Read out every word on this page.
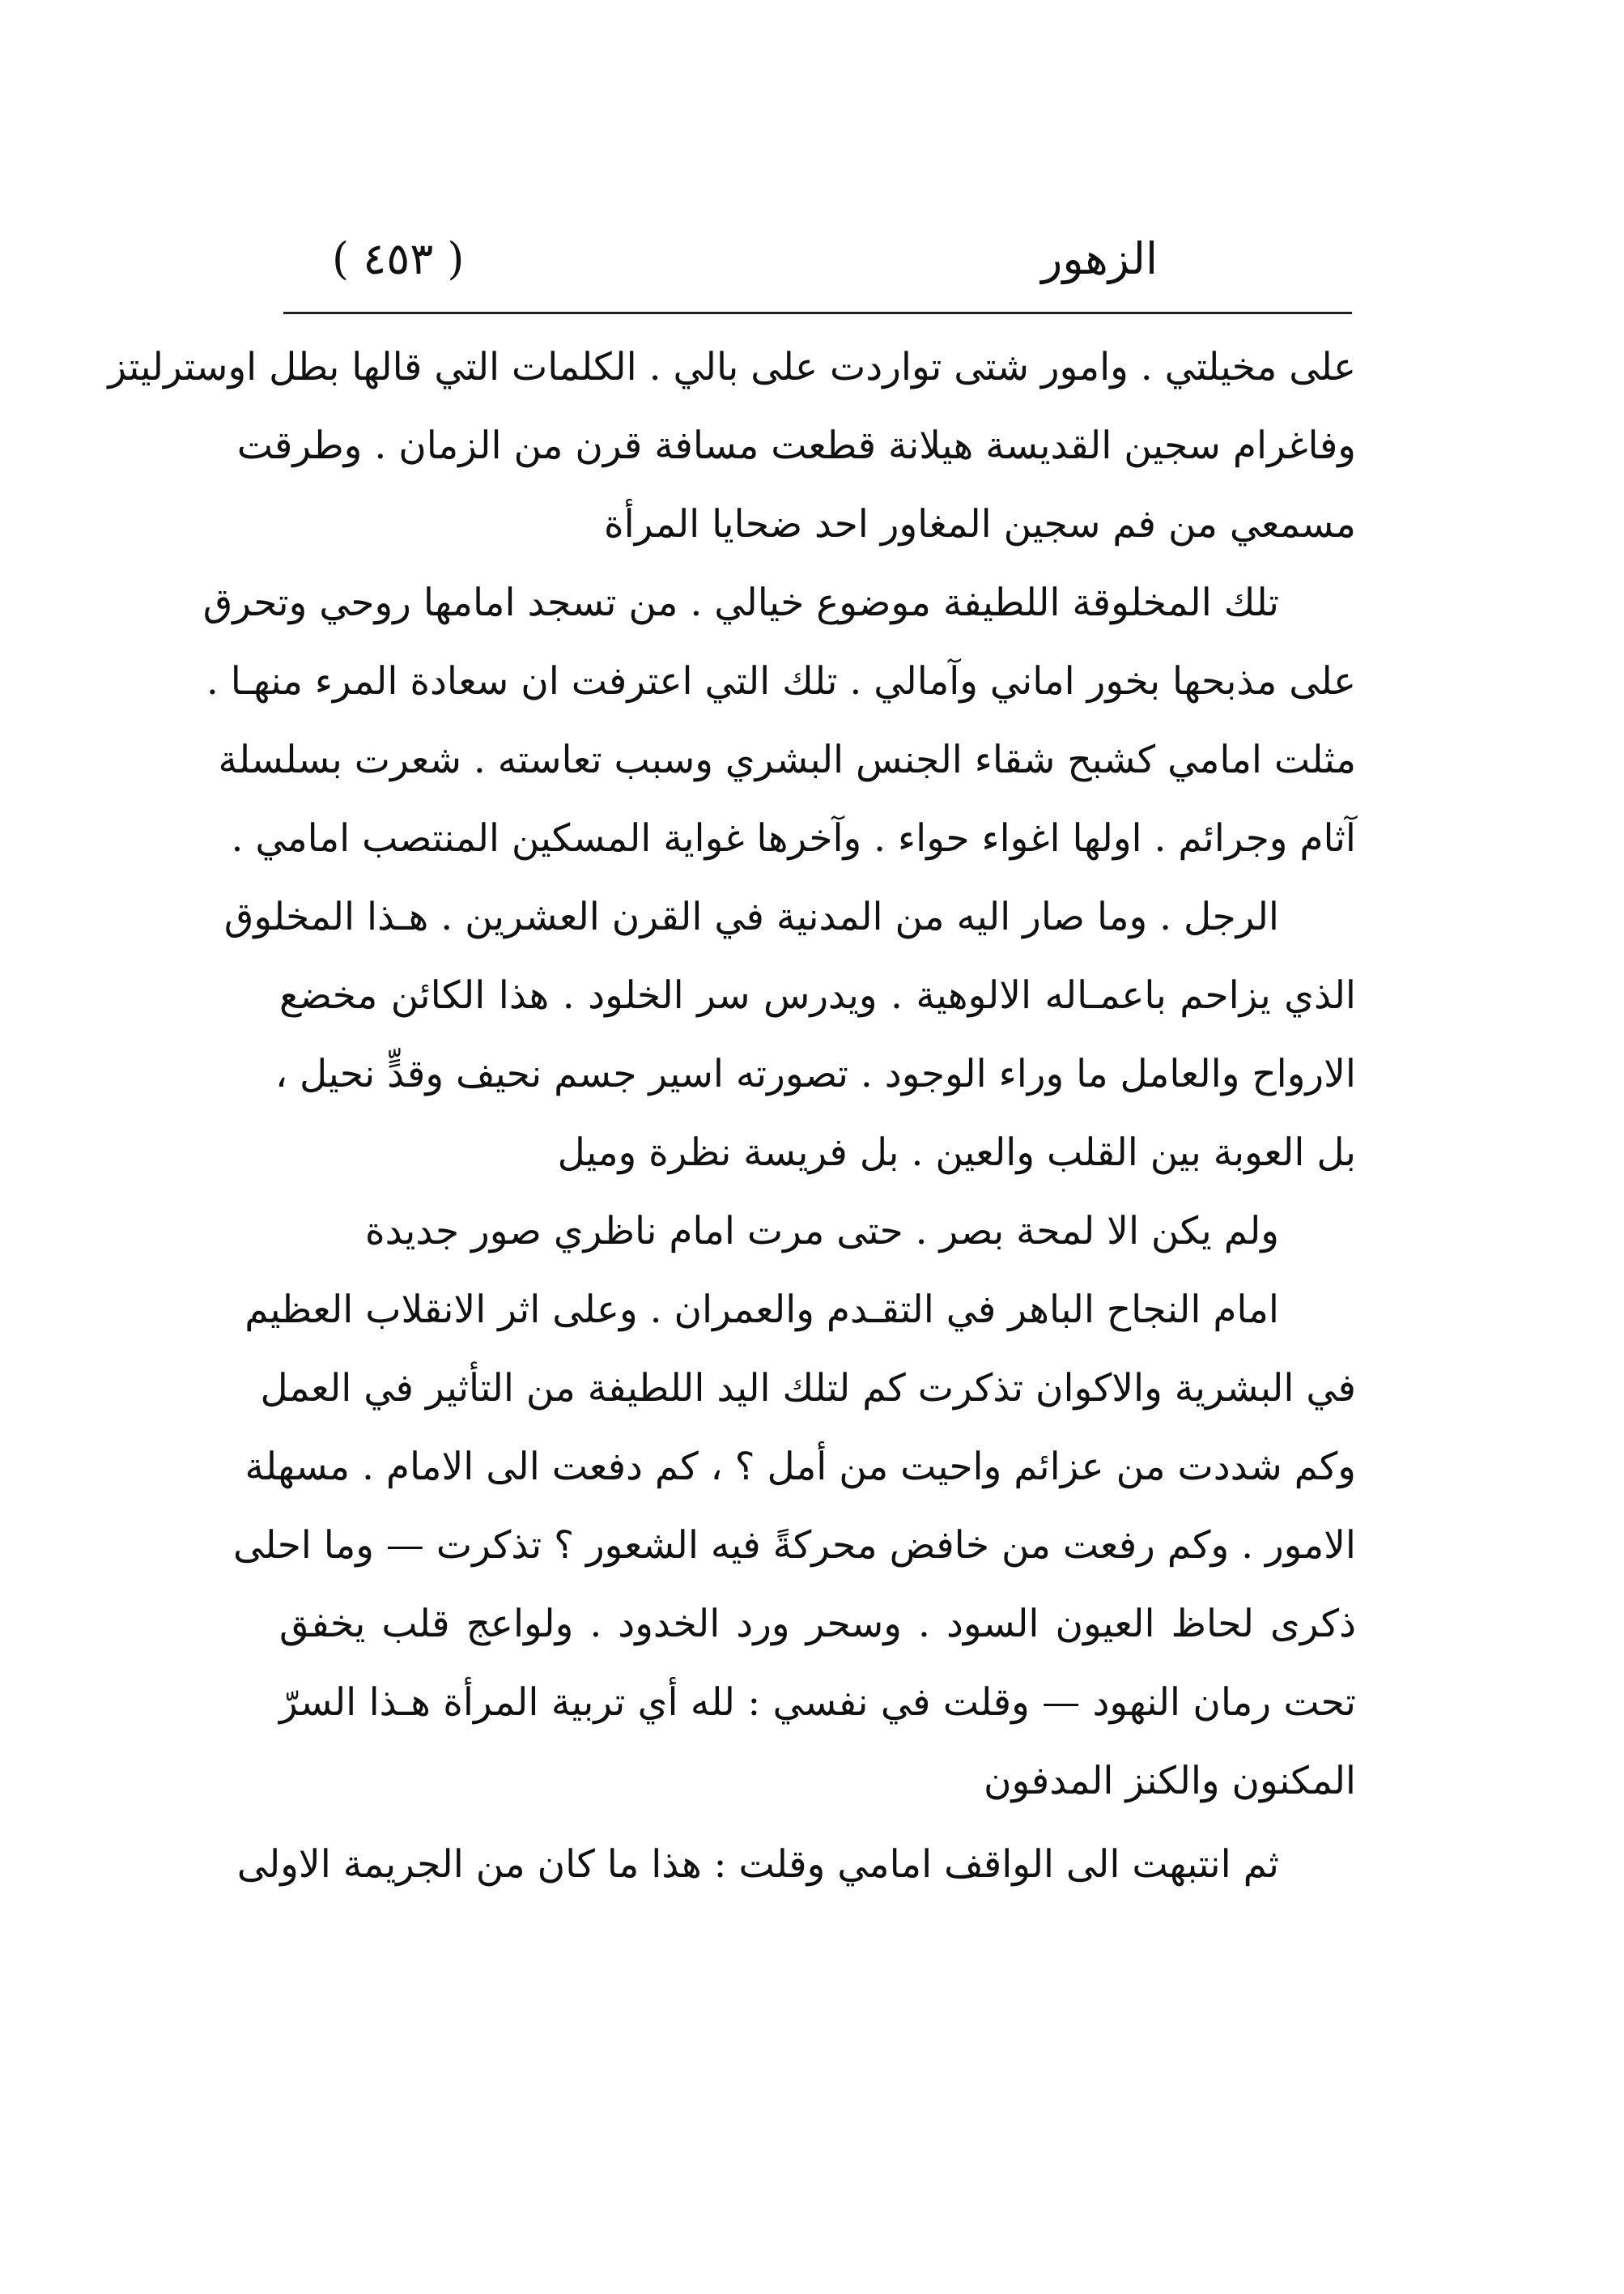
الزهور
( ٤٥٣ )
على مخيلتي . وامور شتى تواردت على بالي . الكلمات التي قالها بطل اوسترليتز
وفاغرام سجين القديسة هيلانة قطعت مسافة قرن من الزمان . وطرقت
مسمعي من فم سجين المغاور احد ضحايا المرأة
تلك المخلوقة اللطيفة موضوع خيالي . من تسجد امامها روحي وتحرق
على مذبحها بخور اماني وآمالي . تلك التي اعترفت ان سعادة المرء منهـا .
مثلت امامي كشبح شقاء الجنس البشري وسبب تعاسته . شعرت بسلسلة
آثام وجرائم . اولها اغواء حواء . وآخرها غواية المسكين المنتصب امامي .
الرجل . وما صار اليه من المدنية في القرن العشرين . هـذا المخلوق
الذي يزاحم باعمـاله الالوهية . ويدرس سر الخلود . هذا الكائن مخضع
الارواح والعامل ما وراء الوجود . تصورته اسير جسم نحيف وقدٍّ نحيل ،
بل العوبة بين القلب والعين . بل فريسة نظرة وميل
ولم يكن الا لمحة بصر . حتى مرت امام ناظري صور جديدة
امام النجاح الباهر في التقـدم والعمران . وعلى اثر الانقلاب العظيم
في البشرية والاكوان تذكرت كم لتلك اليد اللطيفة من التأثير في العمل
وكم شددت من عزائم واحيت من أمل ؟ ، كم دفعت الى الامام . مسهلة
الامور . وكم رفعت من خافض محركةً فيه الشعور ؟ تذكرت — وما احلى
ذكرى لحاظ العيون السود . وسحر ورد الخدود . ولواعج قلب يخفق
تحت رمان النهود — وقلت في نفسي : لله أي تربية المرأة هـذا السرّ
المكنون والكنز المدفون
ثم انتبهت الى الواقف امامي وقلت : هذا ما كان من الجريمة الاولى
